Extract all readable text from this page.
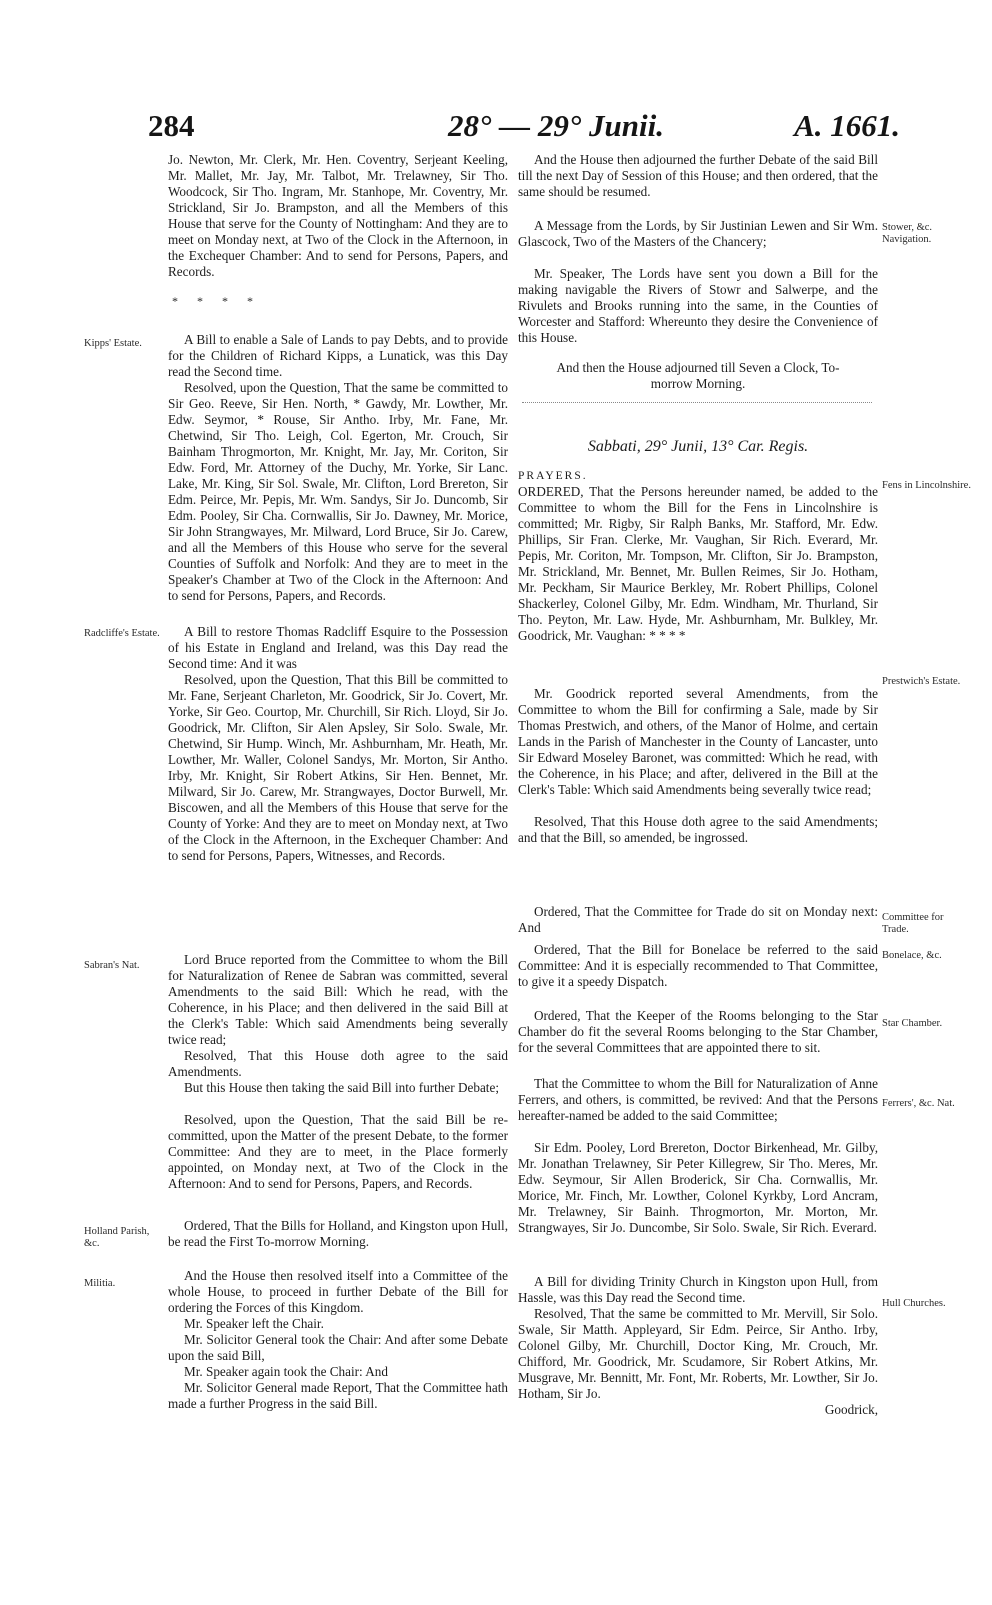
284	28° — 29° Junii.	A. 1661.
Kipps' Estate.
Radcliffe's Estate.
Sabran's Nat.
Holland Parish, &c.
Militia.

Jo. Newton, Mr. Clerk, Mr. Hen. Coventry, Serjeant Keeling, Mr. Mallet, Mr. Jay, Mr. Talbot, Mr. Trelawney, Sir Tho. Woodcock, Sir Tho. Ingram, Mr. Stanhope, Mr. Coventry, Mr. Strickland, Sir Jo. Brampston, and all the Members of this House that serve for the County of Nottingham: And they are to meet on Monday next, at Two of the Clock in the Afternoon, in the Exchequer Chamber: And to send for Persons, Papers, and Records.

* * * *

A Bill to enable a Sale of Lands to pay Debts, and to provide for the Children of Richard Kipps, a Lunatick, was this Day read the Second time.

Resolved, upon the Question, That the same be committed to Sir Geo. Reeve, Sir Hen. North, * Gawdy, Mr. Lowther, Mr. Edw. Seymor, * Rouse, Sir Antho. Irby, Mr. Fane, Mr. Chetwind, Sir Tho. Leigh, Col. Egerton, Mr. Crouch, Sir Bainham Throgmorton, Mr. Knight, Mr. Jay, Mr. Coriton, Sir Edw. Ford, Mr. Attorney of the Duchy, Mr. Yorke, Sir Lanc. Lake, Mr. King, Sir Sol. Swale, Mr. Clifton, Lord Brereton, Sir Edm. Peirce, Mr. Pepis, Mr. Wm. Sandys, Sir Jo. Duncomb, Sir Edm. Pooley, Sir Cha. Cornwallis, Sir Jo. Dawney, Mr. Morice, Sir John Strangwayes, Mr. Milward, Lord Bruce, Sir Jo. Carew, and all the Members of this House who serve for the several Counties of Suffolk and Norfolk: And they are to meet in the Speaker's Chamber at Two of the Clock in the Afternoon: And to send for Persons, Papers, and Records.

A Bill to restore Thomas Radcliff Esquire to the Possession of his Estate in England and Ireland, was this Day read the Second time: And it was

Resolved, upon the Question, That this Bill be committed to Mr. Fane, Serjeant Charleton, Mr. Goodrick, Sir Jo. Covert, Mr. Yorke, Sir Geo. Courtop, Mr. Churchill, Sir Rich. Lloyd, Sir Jo. Goodrick, Mr. Clifton, Sir Alen Apsley, Sir Solo. Swale, Mr. Chetwind, Sir Hump. Winch, Mr. Ashburnham, Mr. Heath, Mr. Lowther, Mr. Waller, Colonel Sandys, Mr. Morton, Sir Antho. Irby, Mr. Knight, Sir Robert Atkins, Sir Hen. Bennet, Mr. Milward, Sir Jo. Carew, Mr. Strangwayes, Doctor Burwell, Mr. Biscowen, and all the Members of this House that serve for the County of Yorke: And they are to meet on Monday next, at Two of the Clock in the Afternoon, in the Exchequer Chamber: And to send for Persons, Papers, Witnesses, and Records.

Lord Bruce reported from the Committee to whom the Bill for Naturalization of Renee de Sabran was committed, several Amendments to the said Bill: Which he read, with the Coherence, in his Place; and then delivered in the said Bill at the Clerk's Table: Which said Amendments being severally twice read;

Resolved, That this House doth agree to the said Amendments.

But this House then taking the said Bill into further Debate;

Resolved, upon the Question, That the said Bill be re-committed, upon the Matter of the present Debate, to the former Committee: And they are to meet, in the Place formerly appointed, on Monday next, at Two of the Clock in the Afternoon: And to send for Persons, Papers, and Records.

Ordered, That the Bills for Holland, and Kingston upon Hull, be read the First To-morrow Morning.

And the House then resolved itself into a Committee of the whole House, to proceed in further Debate of the Bill for ordering the Forces of this Kingdom.

Mr. Speaker left the Chair.

Mr. Solicitor General took the Chair: And after some Debate upon the said Bill,

Mr. Speaker again took the Chair: And

Mr. Solicitor General made Report, That the Committee hath made a further Progress in the said Bill.

Stower, &c. Navigation.
Fens in Lincolnshire.
Prestwich's Estate.
Committee for Trade.
Bonelace, &c.
Star Chamber.
Ferrers', &c. Nat.
Hull Churches.

And the House then adjourned the further Debate of the said Bill till the next Day of Session of this House; and then ordered, that the same should be resumed.

A Message from the Lords, by Sir Justinian Lewen and Sir Wm. Glascock, Two of the Masters of the Chancery;

Mr. Speaker, The Lords have sent you down a Bill for the making navigable the Rivers of Stowr and Salwerpe, and the Rivulets and Brooks running into the same, in the Counties of Worcester and Stafford: Whereunto they desire the Convenience of this House.

And then the House adjourned till Seven a Clock, To-morrow Morning.

Sabbati, 29° Junii, 13° Car. Regis.
PRAYERS.

ORDERED, That the Persons hereunder named, be added to the Committee to whom the Bill for the Fens in Lincolnshire is committed; Mr. Rigby, Sir Ralph Banks, Mr. Stafford, Mr. Edw. Phillips, Sir Fran. Clerke, Mr. Vaughan, Sir Rich. Everard, Mr. Pepis, Mr. Coriton, Mr. Tompson, Mr. Clifton, Sir Jo. Brampston, Mr. Strickland, Mr. Bennet, Mr. Bullen Reimes, Sir Jo. Hotham, Mr. Peckham, Sir Maurice Berkley, Mr. Robert Phillips, Colonel Shackerley, Colonel Gilby, Mr. Edm. Windham, Mr. Thurland, Sir Tho. Peyton, Mr. Law. Hyde, Mr. Ashburnham, Mr. Bulkley, Mr. Goodrick, Mr. Vaughan: * * * *

Mr. Goodrick reported several Amendments, from the Committee to whom the Bill for confirming a Sale, made by Sir Thomas Prestwich, and others, of the Manor of Holme, and certain Lands in the Parish of Manchester in the County of Lancaster, unto Sir Edward Moseley Baronet, was committed: Which he read, with the Coherence, in his Place; and after, delivered in the Bill at the Clerk's Table: Which said Amendments being severally twice read;

Resolved, That this House doth agree to the said Amendments; and that the Bill, so amended, be ingrossed.

Ordered, That the Committee for Trade do sit on Monday next: And

Ordered, That the Bill for Bonelace be referred to the said Committee: And it is especially recommended to That Committee, to give it a speedy Dispatch.

Ordered, That the Keeper of the Rooms belonging to the Star Chamber do fit the several Rooms belonging to the Star Chamber, for the several Committees that are appointed there to sit.

That the Committee to whom the Bill for Naturalization of Anne Ferrers, and others, is committed, be revived: And that the Persons hereafter-named be added to the said Committee;

Sir Edm. Pooley, Lord Brereton, Doctor Birkenhead, Mr. Gilby, Mr. Jonathan Trelawney, Sir Peter Killegrew, Sir Tho. Meres, Mr. Edw. Seymour, Sir Allen Broderick, Sir Cha. Cornwallis, Mr. Morice, Mr. Finch, Mr. Lowther, Colonel Kyrkby, Lord Ancram, Mr. Trelawney, Sir Bainh. Throgmorton, Mr. Morton, Mr. Strangwayes, Sir Jo. Duncombe, Sir Solo. Swale, Sir Rich. Everard.

A Bill for dividing Trinity Church in Kingston upon Hull, from Hassle, was this Day read the Second time.

Resolved, That the same be committed to Mr. Mervill, Sir Solo. Swale, Sir Matth. Appleyard, Sir Edm. Peirce, Sir Antho. Irby, Colonel Gilby, Mr. Churchill, Doctor King, Mr. Crouch, Mr. Chifford, Mr. Goodrick, Mr. Scudamore, Sir Robert Atkins, Mr. Musgrave, Mr. Bennitt, Mr. Font, Mr. Roberts, Mr. Lowther, Sir Jo. Hotham, Sir Jo.

Goodrick,
